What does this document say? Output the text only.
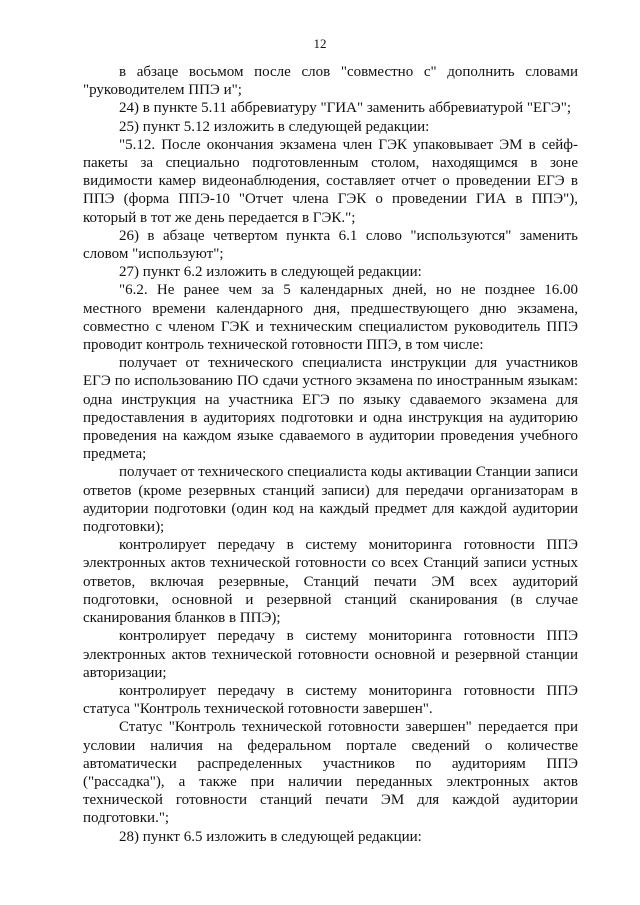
12

в абзаце восьмом после слов "совместно с" дополнить словами "руководителем ППЭ и";

24) в пункте 5.11 аббревиатуру "ГИА" заменить аббревиатурой "ЕГЭ";

25) пункт 5.12 изложить в следующей редакции:

"5.12. После окончания экзамена член ГЭК упаковывает ЭМ в сейф-пакеты за специально подготовленным столом, находящимся в зоне видимости камер видеонаблюдения, составляет отчет о проведении ЕГЭ в ППЭ (форма ППЭ-10 "Отчет члена ГЭК о проведении ГИА в ППЭ"), который в тот же день передается в ГЭК.";

26) в абзаце четвертом пункта 6.1 слово "используются" заменить словом "используют";

27) пункт 6.2 изложить в следующей редакции:

"6.2. Не ранее чем за 5 календарных дней, но не позднее 16.00 местного времени календарного дня, предшествующего дню экзамена, совместно с членом ГЭК и техническим специалистом руководитель ППЭ проводит контроль технической готовности ППЭ, в том числе:

получает от технического специалиста инструкции для участников ЕГЭ по использованию ПО сдачи устного экзамена по иностранным языкам: одна инструкция на участника ЕГЭ по языку сдаваемого экзамена для предоставления в аудиториях подготовки и одна инструкция на аудиторию проведения на каждом языке сдаваемого в аудитории проведения учебного предмета;

получает от технического специалиста коды активации Станции записи ответов (кроме резервных станций записи) для передачи организаторам в аудитории подготовки (один код на каждый предмет для каждой аудитории подготовки);

контролирует передачу в систему мониторинга готовности ППЭ электронных актов технической готовности со всех Станций записи устных ответов, включая резервные, Станций печати ЭМ всех аудиторий подготовки, основной и резервной станций сканирования (в случае сканирования бланков в ППЭ);

контролирует передачу в систему мониторинга готовности ППЭ электронных актов технической готовности основной и резервной станции авторизации;

контролирует передачу в систему мониторинга готовности ППЭ статуса "Контроль технической готовности завершен".

Статус "Контроль технической готовности завершен" передается при условии наличия на федеральном портале сведений о количестве автоматически распределенных участников по аудиториям ППЭ ("рассадка"), а также при наличии переданных электронных актов технической готовности станций печати ЭМ для каждой аудитории подготовки.";

28) пункт 6.5 изложить в следующей редакции:
